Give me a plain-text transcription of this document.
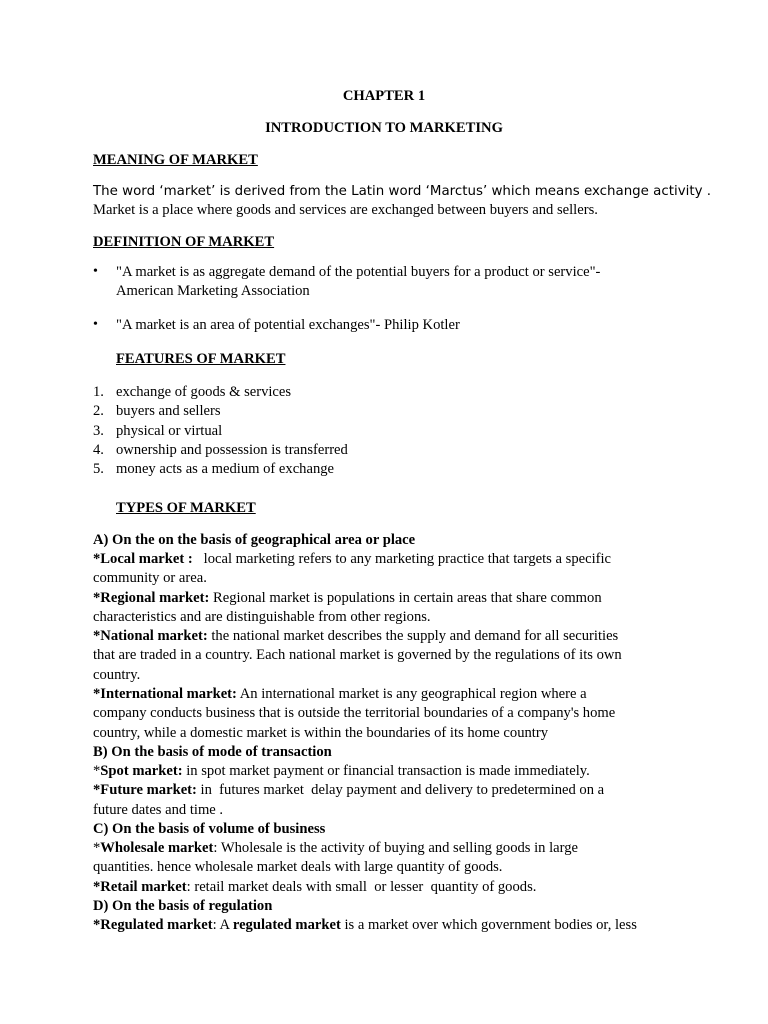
CHAPTER 1
INTRODUCTION TO MARKETING
MEANING OF MARKET
The word ‘market’ is derived from the Latin word ‘Marctus’ which means exchange activity .
Market is a place where goods and services are exchanged between buyers and sellers.
DEFINITION OF MARKET
• "A market is as aggregate demand of the potential buyers for a product or service"-
American Marketing Association
• "A market is an area of potential exchanges"- Philip Kotler
FEATURES OF MARKET
1. exchange of goods & services
2. buyers and sellers
3. physical or virtual
4. ownership and possession is transferred
5. money acts as a medium of exchange
TYPES OF MARKET
A) On the on the basis of geographical area or place
*Local market :   local marketing refers to any marketing practice that targets a specific
community or area.
*Regional market: Regional market is populations in certain areas that share common
characteristics and are distinguishable from other regions.
*National market: the national market describes the supply and demand for all securities
that are traded in a country. Each national market is governed by the regulations of its own
country.
*International market: An international market is any geographical region where a
company conducts business that is outside the territorial boundaries of a company's home
country, while a domestic market is within the boundaries of its home country
B) On the basis of mode of transaction
*Spot market: in spot market payment or financial transaction is made immediately.
*Future market: in  futures market  delay payment and delivery to predetermined on a
future dates and time .
C) On the basis of volume of business
*Wholesale market: Wholesale is the activity of buying and selling goods in large
quantities. hence wholesale market deals with large quantity of goods.
*Retail market: retail market deals with small  or lesser  quantity of goods.
D) On the basis of regulation
*Regulated market: A regulated market is a market over which government bodies or, less
